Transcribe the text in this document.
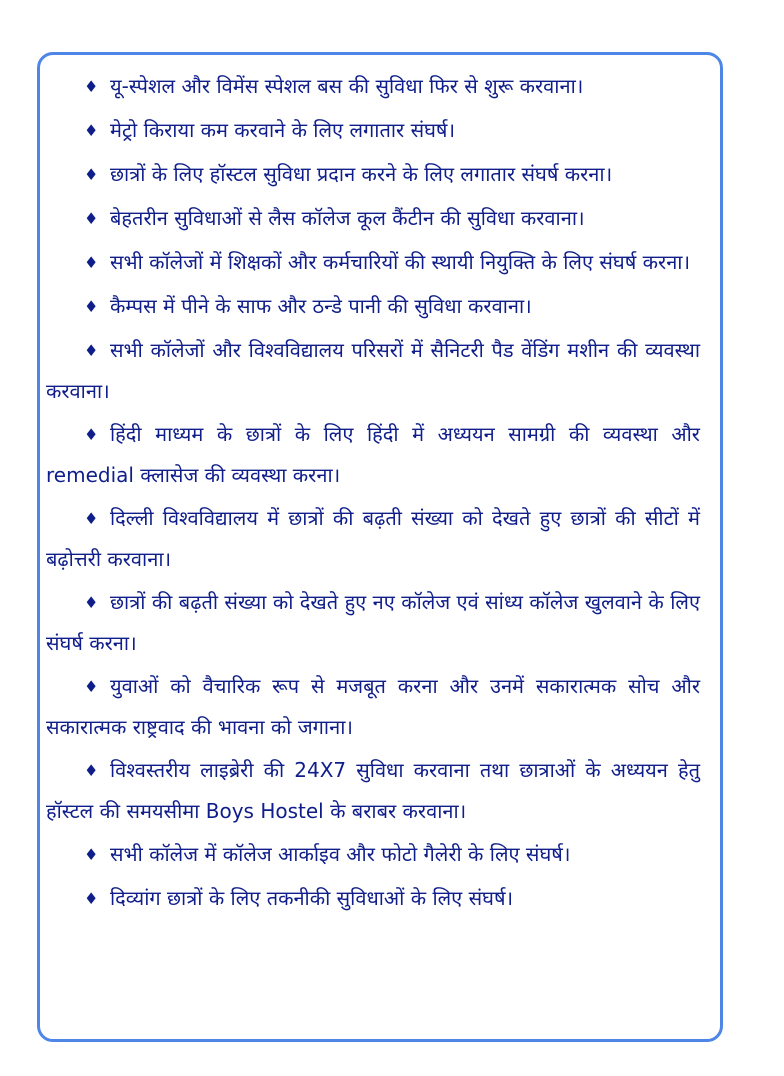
♦ यू-स्पेशल और विमेंस स्पेशल बस की सुविधा फिर से शुरू करवाना।
♦ मेट्रो किराया कम करवाने के लिए लगातार संघर्ष।
♦ छात्रों के लिए हॉस्टल सुविधा प्रदान करने के लिए लगातार संघर्ष करना।
♦ बेहतरीन सुविधाओं से लैस कॉलेज कूल कैंटीन की सुविधा करवाना।
♦ सभी कॉलेजों में शिक्षकों और कर्मचारियों की स्थायी नियुक्ति के लिए संघर्ष करना।
♦ कैम्पस में पीने के साफ और ठन्डे पानी की सुविधा करवाना।
♦ सभी कॉलेजों और विश्वविद्यालय परिसरों में सैनिटरी पैड वेंडिंग मशीन की व्यवस्था करवाना।
♦ हिंदी माध्यम के छात्रों के लिए हिंदी में अध्ययन सामग्री की व्यवस्था और remedial क्लासेज की व्यवस्था करना।
♦ दिल्ली विश्वविद्यालय में छात्रों की बढ़ती संख्या को देखते हुए छात्रों की सीटों में बढ़ोत्तरी करवाना।
♦ छात्रों की बढ़ती संख्या को देखते हुए नए कॉलेज एवं सांध्य कॉलेज खुलवाने के लिए संघर्ष करना।
♦ युवाओं को वैचारिक रूप से मजबूत करना और उनमें सकारात्मक सोच और सकारात्मक राष्ट्रवाद की भावना को जगाना।
♦ विश्वस्तरीय लाइब्रेरी की 24X7 सुविधा करवाना तथा छात्राओं के अध्ययन हेतु हॉस्टल की समयसीमा Boys Hostel के बराबर करवाना।
♦ सभी कॉलेज में कॉलेज आर्काइव और फोटो गैलेरी के लिए संघर्ष।
♦ दिव्यांग छात्रों के लिए तकनीकी सुविधाओं के लिए संघर्ष।
